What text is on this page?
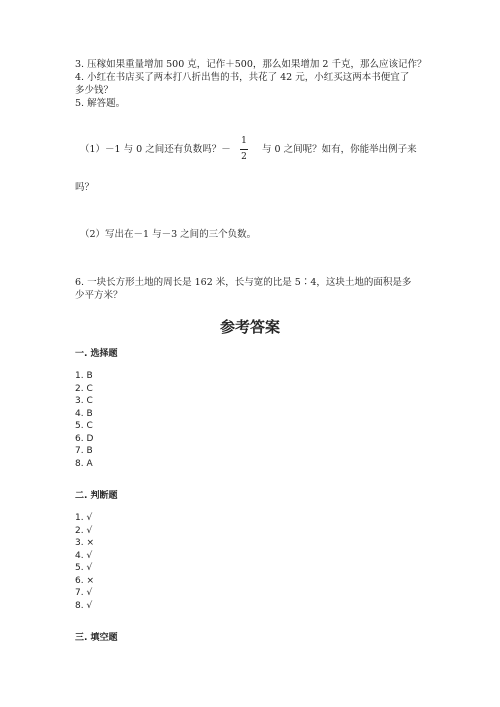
3. 压稼如果重量增加 500 克，记作＋500，那么如果增加 2 千克，那么应该记作？
4. 小红在书店买了两本打八折出售的书，共花了 42 元，小红买这两本书便宜了
多少钱？
5. 解答题。
（1）－1 与 0 之间还有负数吗？－
1
2
与 0 之间呢？如有，你能举出例子来
吗？
（2）写出在－1 与－3 之间的三个负数。
6. 一块长方形土地的周长是 162 米，长与宽的比是 5∶4，这块土地的面积是多
少平方米？
参考答案
一. 选择题
1. B
2. C
3. C
4. B
5. C
6. D
7. B
8. A
二. 判断题
1. √
2. √
3. ×
4. √
5. √
6. ×
7. √
8. √
三. 填空题
